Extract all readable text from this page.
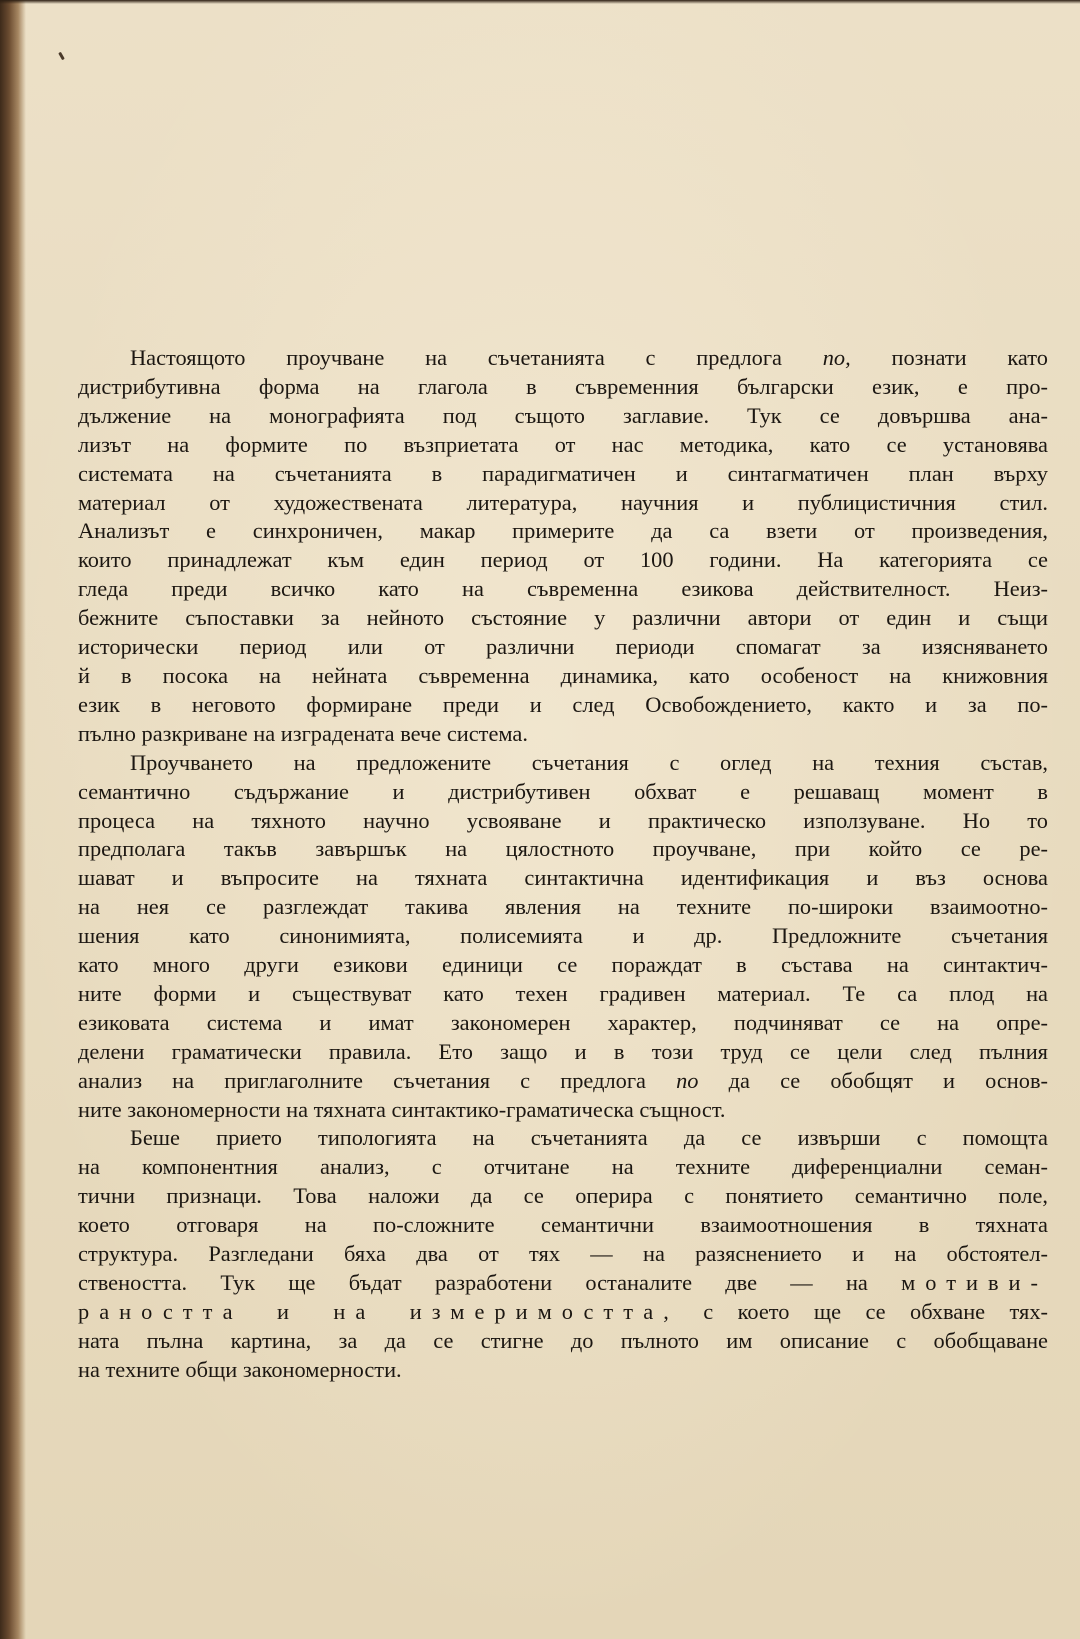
Настоящото проучване на съчетанията с предлога по, познати като
дистрибутивна форма на глагола в съвременния български език, е про-
дължение на монографията под същото заглавие. Тук се довършва ана-
лизът на формите по възприетата от нас методика, като се установява
системата на съчетанията в парадигматичен и синтагматичен план върху
материал от художествената литература, научния и публицистичния стил.
Анализът е синхроничен, макар примерите да са взети от произведения,
които принадлежат към един период от 100 години. На категорията се
гледа преди всичко като на съвременна езикова действителност. Неиз-
бежните съпоставки за нейното състояние у различни автори от един и същи
исторически период или от различни периоди спомагат за изясняването
й в посока на нейната съвременна динамика, като особеност на книжовния
език в неговото формиране преди и след Освобождението, както и за по-
пълно разкриване на изградената вече система.

Проучването на предложените съчетания с оглед на техния състав,
семантично съдържание и дистрибутивен обхват е решаващ момент в
процеса на тяхното научно усвояване и практическо използуване. Но то
предполага такъв завършък на цялостното проучване, при който се ре-
шават и въпросите на тяхната синтактична идентификация и въз основа
на нея се разглеждат такива явления на техните по-широки взаимоотно-
шения като синонимията, полисемията и др. Предложните съчетания
като много други езикови единици се пораждат в състава на синтактич-
ните форми и съществуват като техен градивен материал. Те са плод на
езиковата система и имат закономерен характер, подчиняват се на опре-
делени граматически правила. Ето защо и в този труд се цели след пълния
анализ на приглаголните съчетания с предлога по да се обобщят и основ-
ните закономерности на тяхната синтактико-граматическа същност.

Беше прието типологията на съчетанията да се извърши с помощта
на компонентния анализ, с отчитане на техните диференциални семан-
тични признаци. Това наложи да се оперира с понятието семантично поле,
което отговаря на по-сложните семантични взаимоотношения в тяхната
структура. Разгледани бяха два от тях — на разяснението и на обстоятел-
ствеността. Тук ще бъдат разработени останалите две — на мотиви-
раността и на измеримостта, с което ще се обхване тях-
ната пълна картина, за да се стигне до пълното им описание с обобщаване
на техните общи закономерности.
